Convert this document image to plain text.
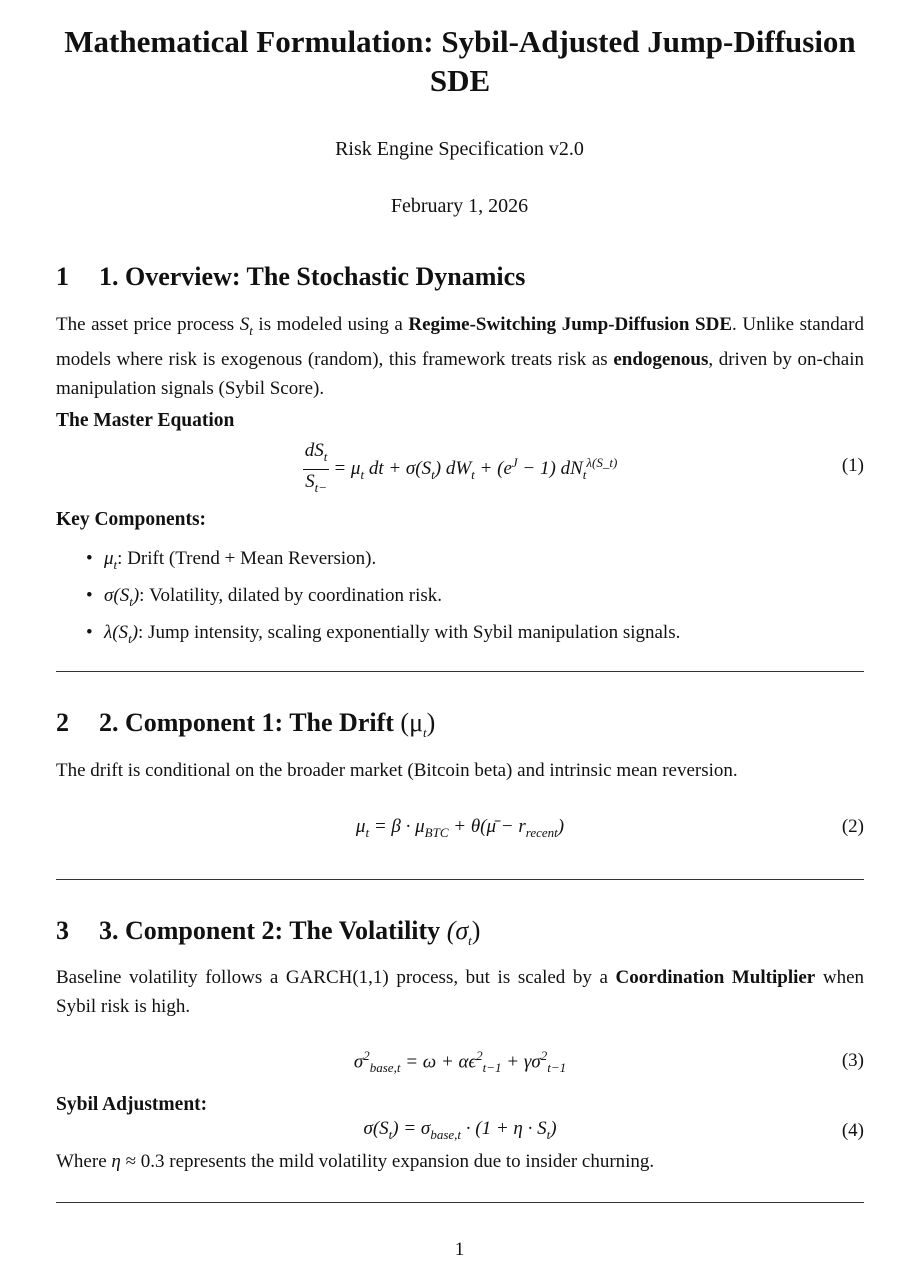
Mathematical Formulation: Sybil-Adjusted Jump-Diffusion SDE
Risk Engine Specification v2.0
February 1, 2026
1 1. Overview: The Stochastic Dynamics
The asset price process $S_t$ is modeled using a Regime-Switching Jump-Diffusion SDE. Unlike standard models where risk is exogenous (random), this framework treats risk as endogenous, driven by on-chain manipulation signals (Sybil Score).
The Master Equation
$\frac{dS_t}{S_{t-}} = \mu_t$ dt + $\sigma(S_t) dW_t + (e^J - 1)$ $dN_t^{\lambda(S\_t)}$	(1)
Key Components:
• $\mu_t$: Drift (Trend + Mean Reversion).
• $\sigma(S_t)$: Volatility, dilated by coordination risk.
• $\lambda(S_t)$: Jump intensity, scaling exponentially with Sybil manipulation signals.
2 2. Component 1: The Drift $(\mu_t)$
The drift is conditional on the broader market (Bitcoin beta) and intrinsic mean reversion.
$\mu_t = \beta \cdot \mu_{BTC}$ + θ(μ̄ − $r_{recent}$)	(2)
3 3. Component 2: The Volatility $(\sigma_t)$
Baseline volatility follows a GARCH(1,1) process, but is scaled by a Coordination Multiplier when Sybil risk is high.
$\sigma^2_{base,t} = \omega + \alpha\epsilon^2_{t-1} + \gamma\sigma^2_{t-1}$	(3)
Sybil Adjustment:
$\sigma(S_t) = \sigma_{base,t} \cdot (1 + \eta \cdot S_t)$	(4)
Where η ≈ 0.3 represents the mild volatility expansion due to insider churning.
1
